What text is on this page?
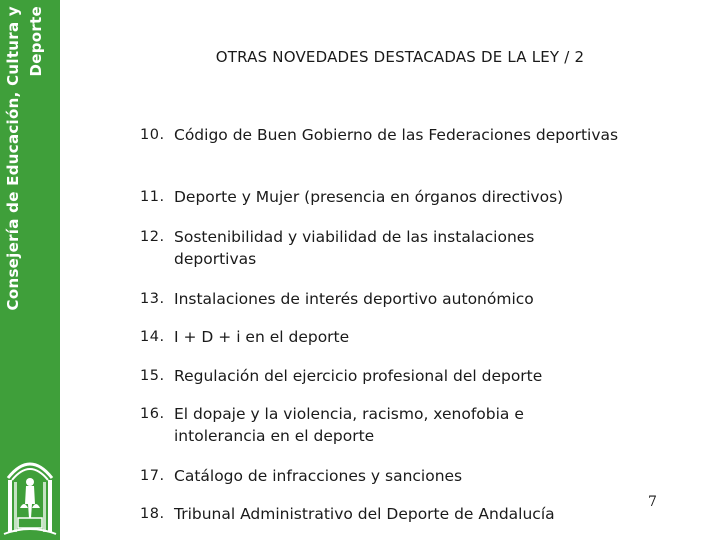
Consejería de Educación, Cultura y Deporte	OTRAS NOVEDADES DESTACADAS DE LA LEY / 2
10. Código de Buen Gobierno de las Federaciones deportivas
11. Deporte y Mujer (presencia en órganos directivos)
12. Sostenibilidad y viabilidad de las instalaciones deportivas
13. Instalaciones de interés deportivo autonómico
14. I + D + i en el deporte
15. Regulación del ejercicio profesional del deporte
16. El dopaje y la violencia, racismo, xenofobia e intolerancia en el deporte
17. Catálogo de infracciones y sanciones
18. Tribunal Administrativo del Deporte de Andalucía
7
